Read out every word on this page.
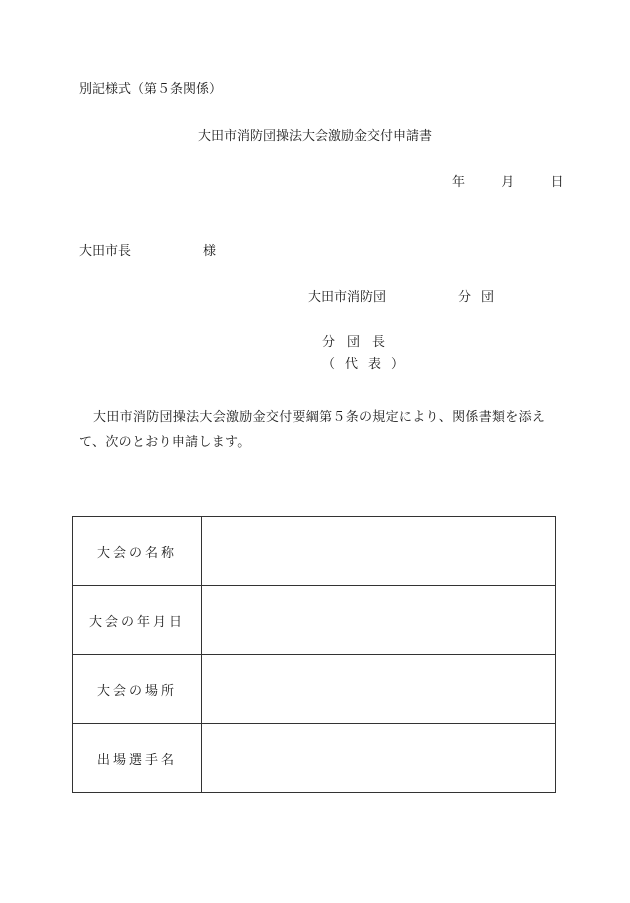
別記様式（第５条関係）
大田市消防団操法大会激励金交付申請書
年	月	日
大田市長	様
大田市消防団	分団
分団長
（代表）

大田市消防団操法大会激励金交付要綱第５条の規定により、関係書類を添えて、次のとおり申請します。

大会の名称	
大会の年月日	
大会の場所	
出場選手名	
